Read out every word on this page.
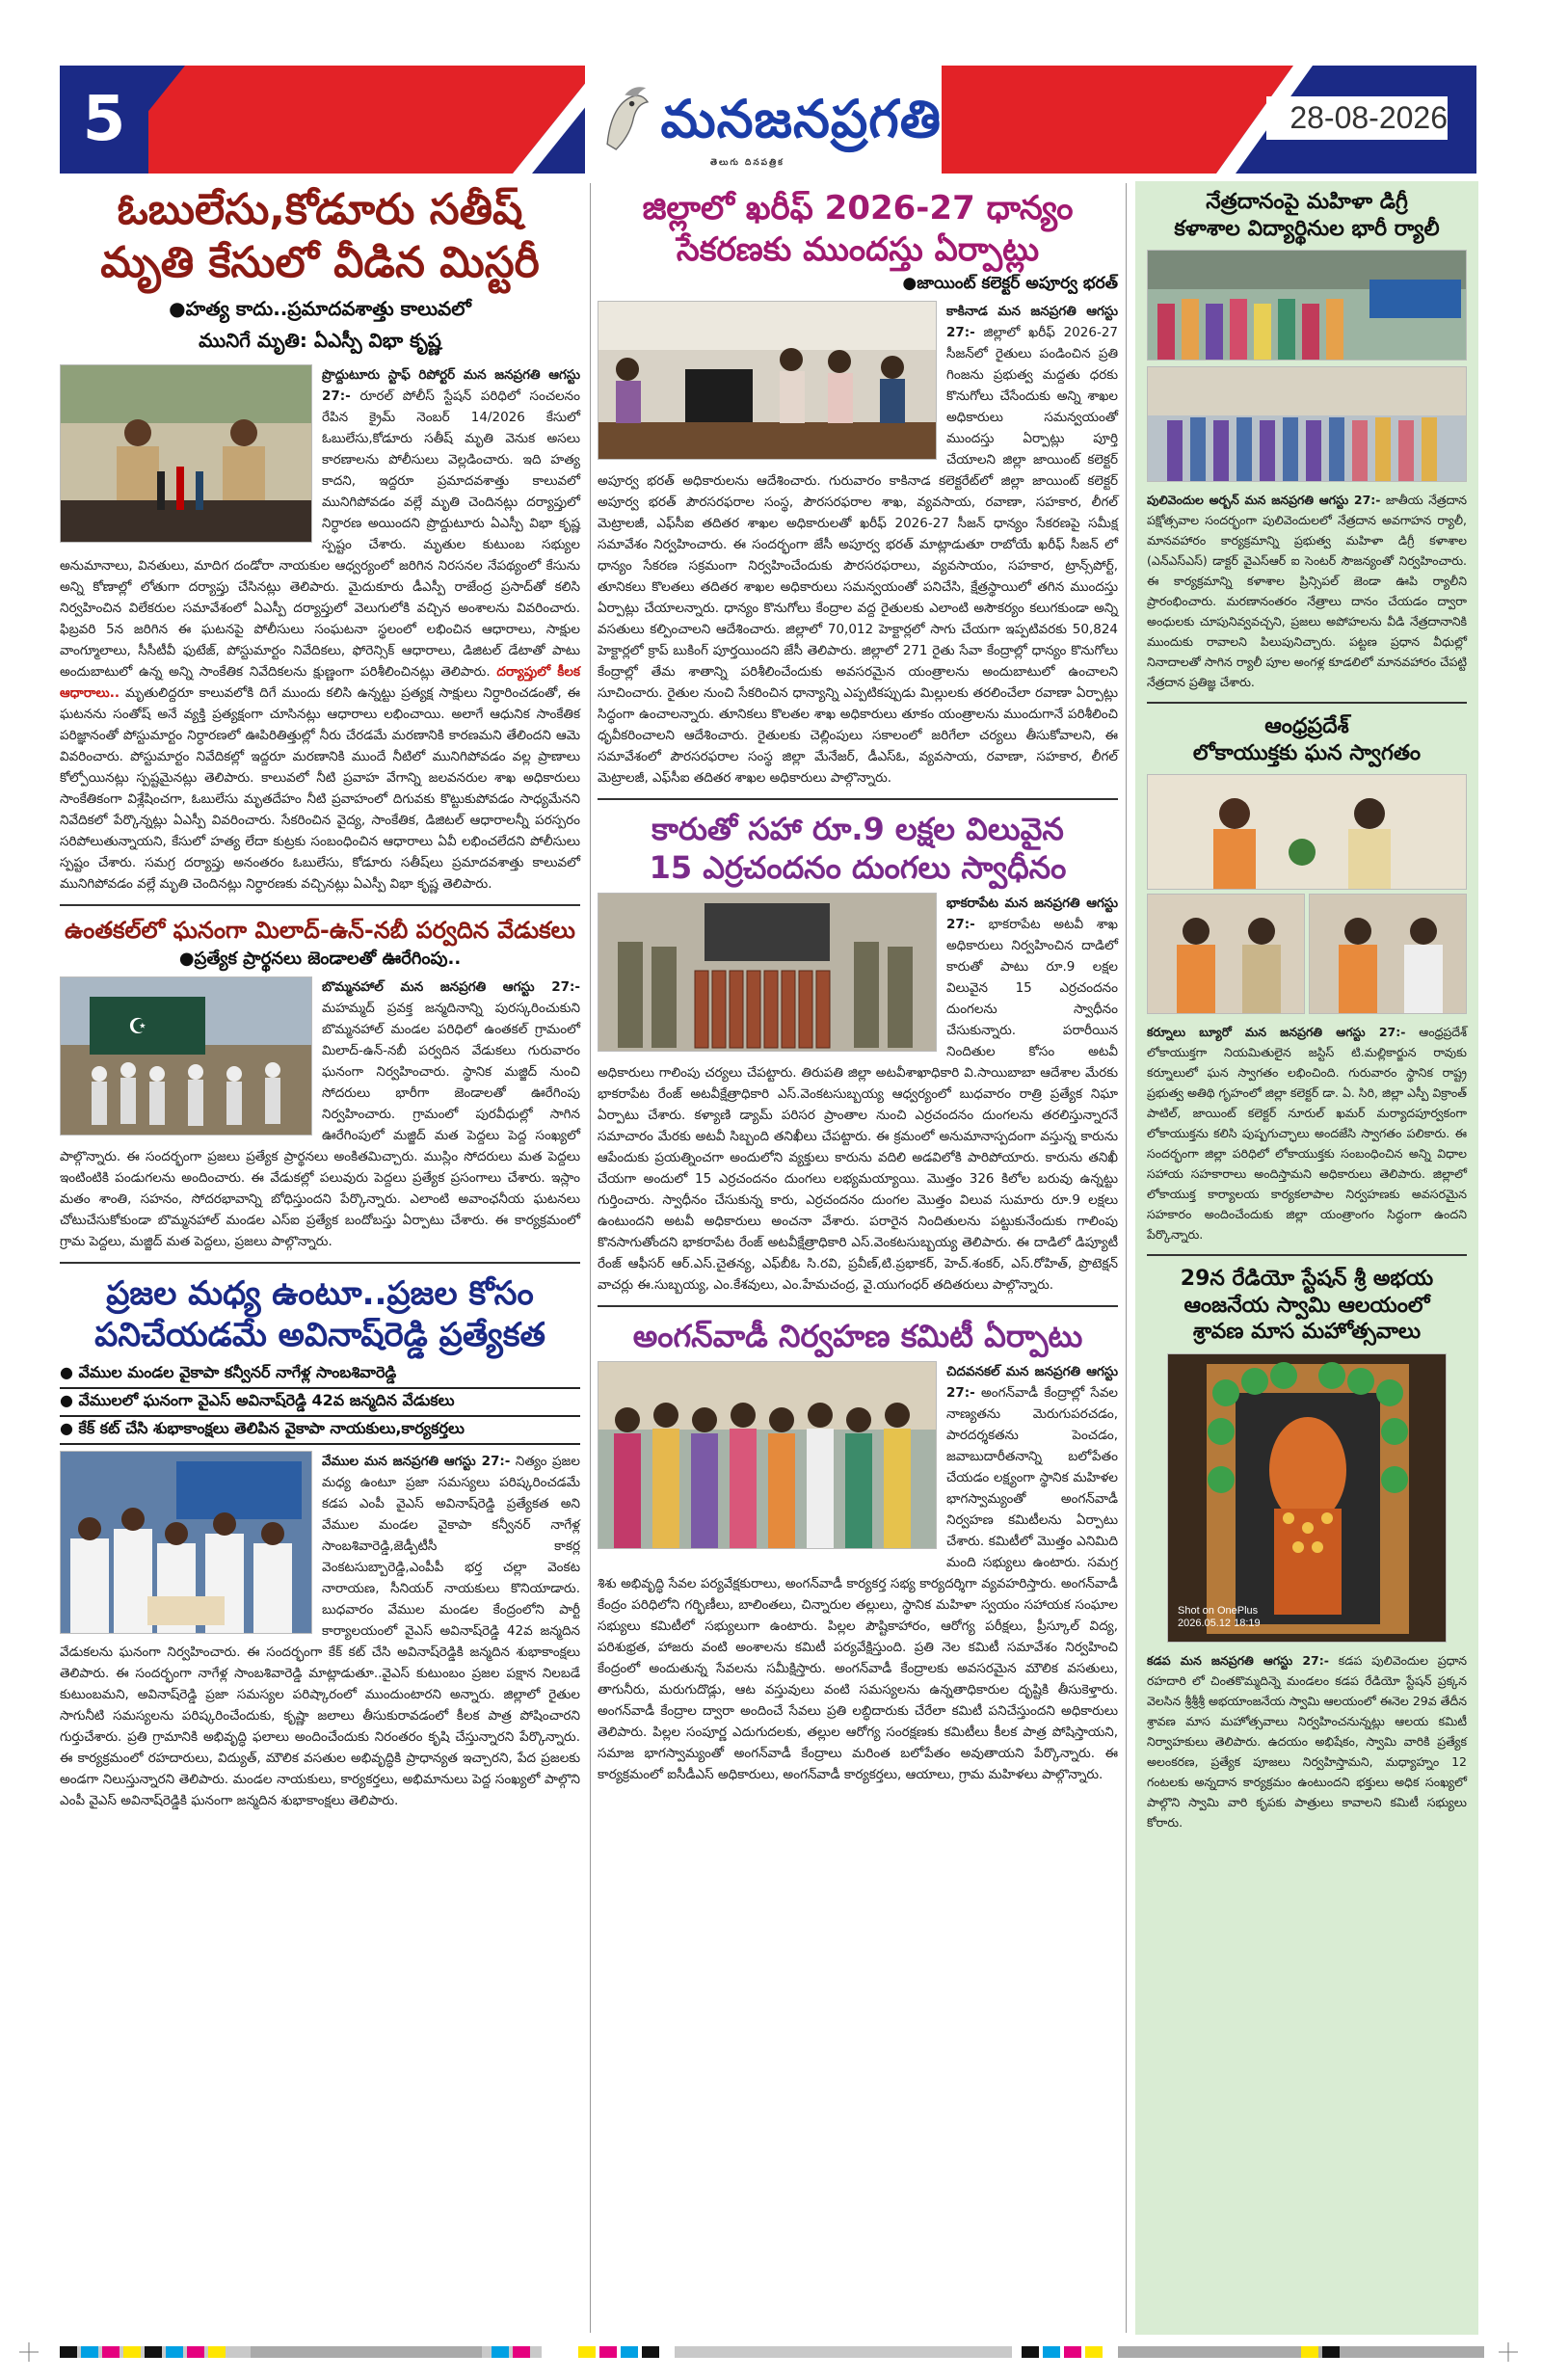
5	మనజనప్రగతి
తెలుగు దినపత్రిక
28-08-2026
ఓబులేసు,కోడూరు సతీష్
మృతి కేసులో వీడిన మిస్టరీ
●హత్య కాదు..ప్రమాదవశాత్తు కాలువలో
మునిగే మృతి: ఏఎస్పీ విభా కృష్ణ
ప్రొద్దుటూరు స్టాఫ్ రిపోర్టర్ మన జనప్రగతి ఆగస్టు 27:- రూరల్ పోలీస్ స్టేషన్ పరిధిలో సంచలనం రేపిన క్రైమ్ నెంబర్ 14/2026 కేసులో ఓబులేసు,కోడూరు సతీష్ మృతి వెనుక అసలు కారణాలను పోలీసులు వెల్లడించారు. ఇది హత్య కాదని, ఇద్దరూ ప్రమాదవశాత్తు కాలువలో మునిగిపోవడం వల్లే మృతి చెందినట్లు దర్యాప్తులో నిర్ధారణ అయిందని ప్రొద్దుటూరు ఏఎస్పీ విభా కృష్ణ స్పష్టం చేశారు. మృతుల కుటుంబ సభ్యుల అనుమానాలు, వినతులు, మాదిగ దండోరా నాయకుల ఆధ్వర్యంలో జరిగిన నిరసనల నేపథ్యంలో కేసును అన్ని కోణాల్లో లోతుగా దర్యాప్తు చేసినట్లు తెలిపారు. మైదుకూరు డీఎస్పీ రాజేంద్ర ప్రసాద్‌తో కలిసి నిర్వహించిన విలేకరుల సమావేశంలో ఏఎస్పీ దర్యాప్తులో వెలుగులోకి వచ్చిన అంశాలను వివరించారు. ఫిబ్రవరి 5న జరిగిన ఈ ఘటనపై పోలీసులు సంఘటనా స్థలంలో లభించిన ఆధారాలు, సాక్షుల వాంగ్మూలాలు, సీసీటీవీ ఫుటేజ్, పోస్టుమార్టం నివేదికలు, ఫోరెన్సిక్ ఆధారాలు, డిజిటల్ డేటాతో పాటు అందుబాటులో ఉన్న అన్ని సాంకేతిక నివేదికలను క్షుణ్ణంగా పరిశీలించినట్లు తెలిపారు. దర్యాప్తులో కీలక ఆధారాలు.. మృతులిద్దరూ కాలువలోకి దిగే ముందు కలిసి ఉన్నట్టు ప్రత్యక్ష సాక్షులు నిర్ధారించడంతో, ఈ ఘటనను సంతోష్ అనే వ్యక్తి ప్రత్యక్షంగా చూసినట్లు ఆధారాలు లభించాయి. అలాగే ఆధునిక సాంకేతిక పరిజ్ఞానంతో పోస్టుమార్టం నిర్ధారణలో ఊపిరితిత్తుల్లో నీరు చేరడమే మరణానికి కారణమని తేలిందని ఆమె వివరించారు. పోస్టుమార్టం నివేదికల్లో ఇద్దరూ మరణానికి ముందే నీటిలో మునిగిపోవడం వల్ల ప్రాణాలు కోల్పోయినట్లు స్పష్టమైనట్లు తెలిపారు. కాలువలో నీటి ప్రవాహ వేగాన్ని జలవనరుల శాఖ అధికారులు సాంకేతికంగా విశ్లేషించగా, ఓబులేసు మృతదేహం నీటి ప్రవాహంలో దిగువకు కొట్టుకుపోవడం సాధ్యమేనని నివేదికలో పేర్కొన్నట్లు ఏఎస్పీ వివరించారు. సేకరించిన వైద్య, సాంకేతిక, డిజిటల్ ఆధారాలన్నీ పరస్పరం సరిపోలుతున్నాయని, కేసులో హత్య లేదా కుట్రకు సంబంధించిన ఆధారాలు ఏవీ లభించలేదని పోలీసులు స్పష్టం చేశారు. సమగ్ర దర్యాప్తు అనంతరం ఓబులేసు, కోడూరు సతీష్‌లు ప్రమాదవశాత్తు కాలువలో మునిగిపోవడం వల్లే మృతి చెందినట్లు నిర్ధారణకు వచ్చినట్లు ఏఎస్పీ విభా కృష్ణ తెలిపారు.
ఉంతకల్‌లో ఘనంగా మిలాద్-ఉన్-నబీ పర్వదిన వేడుకలు
●ప్రత్యేక ప్రార్థనలు జెండాలతో ఊరేగింపు..
☪
బొమ్మనహాల్ మన జనప్రగతి ఆగస్టు 27:- మహమ్మద్ ప్రవక్త జన్మదినాన్ని పురస్కరించుకుని బొమ్మనహాల్ మండల పరిధిలో ఉంతకల్ గ్రామంలో మిలాద్-ఉన్-నబీ పర్వదిన వేడుకలు గురువారం ఘనంగా నిర్వహించారు. స్థానిక మజ్జిద్ నుంచి సోదరులు భారీగా జెండాలతో ఊరేగింపు నిర్వహించారు. గ్రామంలో పురవీధుల్లో సాగిన ఊరేగింపులో మజ్జిద్ మత పెద్దలు పెద్ద సంఖ్యలో పాల్గొన్నారు. ఈ సందర్భంగా ప్రజలు ప్రత్యేక ప్రార్థనలు అంకితమిచ్చారు. ముస్లిం సోదరులు మత పెద్దలు ఇంటింటికి పండుగలను అందించారు. ఈ వేడుకల్లో పలువురు పెద్దలు ప్రత్యేక ప్రసంగాలు చేశారు. ఇస్లాం మతం శాంతి, సహనం, సోదరభావాన్ని బోధిస్తుందని పేర్కొన్నారు. ఎలాంటి అవాంఛనీయ ఘటనలు చోటుచేసుకోకుండా బొమ్మనహాల్ మండల ఎస్ఐ ప్రత్యేక బందోబస్తు ఏర్పాటు చేశారు. ఈ కార్యక్రమంలో గ్రామ పెద్దలు, మజ్జిద్ మత పెద్దలు, ప్రజలు పాల్గొన్నారు.
ప్రజల మధ్య ఉంటూ..ప్రజల కోసం
పనిచేయడమే అవినాష్‌రెడ్డి ప్రత్యేకత
● వేముల మండల వైకాపా కన్వీనర్ నాగేళ్ల సాంబశివారెడ్డి
● వేములలో ఘనంగా వైఎస్ అవినాష్‌రెడ్డి 42వ జన్మదిన వేడుకలు
● కేక్ కట్ చేసి శుభాకాంక్షలు తెలిపిన వైకాపా నాయకులు,కార్యకర్తలు
వేముల మన జనప్రగతి ఆగస్టు 27:- నిత్యం ప్రజల మధ్య ఉంటూ ప్రజా సమస్యలు పరిష్కరించడమే కడప ఎంపీ వైఎస్ అవినాష్‌రెడ్డి ప్రత్యేకత అని వేముల మండల వైకాపా కన్వీనర్ నాగేళ్ల సాంబశివారెడ్డి,జెడ్పీటీసీ కాకర్ల వెంకటసుబ్బారెడ్డి,ఎంపీపీ భర్త చల్లా వెంకట నారాయణ, సీనియర్ నాయకులు కొనియాడారు. బుధవారం వేముల మండల కేంద్రంలోని పార్టీ కార్యాలయంలో వైఎస్ అవినాష్‌రెడ్డి 42వ జన్మదిన వేడుకలను ఘనంగా నిర్వహించారు. ఈ సందర్భంగా కేక్ కట్ చేసి అవినాష్‌రెడ్డికి జన్మదిన శుభాకాంక్షలు తెలిపారు. ఈ సందర్భంగా నాగేళ్ల సాంబశివారెడ్డి మాట్లాడుతూ..వైఎస్ కుటుంబం ప్రజల పక్షాన నిలబడే కుటుంబమని, అవినాష్‌రెడ్డి ప్రజా సమస్యల పరిష్కారంలో ముందుంటారని అన్నారు. జిల్లాలో రైతుల సాగునీటి సమస్యలను పరిష్కరించేందుకు, కృష్ణా జలాలు తీసుకురావడంలో కీలక పాత్ర పోషించారని గుర్తుచేశారు. ప్రతి గ్రామానికి అభివృద్ధి ఫలాలు అందించేందుకు నిరంతరం కృషి చేస్తున్నారని పేర్కొన్నారు. ఈ కార్యక్రమంలో రహదారులు, విద్యుత్, మౌలిక వసతుల అభివృద్ధికి ప్రాధాన్యత ఇచ్చారని, పేద ప్రజలకు అండగా నిలుస్తున్నారని తెలిపారు. మండల నాయకులు, కార్యకర్తలు, అభిమానులు పెద్ద సంఖ్యలో పాల్గొని ఎంపీ వైఎస్ అవినాష్‌రెడ్డికి ఘనంగా జన్మదిన శుభాకాంక్షలు తెలిపారు.
జిల్లాలో ఖరీఫ్ 2026-27 ధాన్యం
సేకరణకు ముందస్తు ఏర్పాట్లు
●జాయింట్ కలెక్టర్ అపూర్వ భరత్
కాకినాడ మన జనప్రగతి ఆగస్టు 27:- జిల్లాలో ఖరీఫ్ 2026-27 సీజన్‌లో రైతులు పండించిన ప్రతి గింజను ప్రభుత్వ మద్దతు ధరకు కొనుగోలు చేసేందుకు అన్ని శాఖల అధికారులు సమన్వయంతో ముందస్తు ఏర్పాట్లు పూర్తి చేయాలని జిల్లా జాయింట్ కలెక్టర్ అపూర్వ భరత్ అధికారులను ఆదేశించారు. గురువారం కాకినాడ కలెక్టరేట్‌లో జిల్లా జాయింట్ కలెక్టర్ అపూర్వ భరత్ పౌరసరఫరాల సంస్థ, పౌరసరఫరాల శాఖ, వ్యవసాయ, రవాణా, సహకార, లీగల్ మెట్రాలజీ, ఎఫ్‌సీఐ తదితర శాఖల అధికారులతో ఖరీఫ్ 2026-27 సీజన్ ధాన్యం సేకరణపై సమీక్ష సమావేశం నిర్వహించారు. ఈ సందర్భంగా జేసీ అపూర్వ భరత్ మాట్లాడుతూ రాబోయే ఖరీఫ్ సీజన్ లో ధాన్యం సేకరణ సక్రమంగా నిర్వహించేందుకు పౌరసరఫరాలు, వ్యవసాయం, సహకార, ట్రాన్స్‌పోర్ట్, తూనికలు కొలతలు తదితర శాఖల అధికారులు సమన్వయంతో పనిచేసి, క్షేత్రస్థాయిలో తగిన ముందస్తు ఏర్పాట్లు చేయాలన్నారు. ధాన్యం కొనుగోలు కేంద్రాల వద్ద రైతులకు ఎలాంటి అసౌకర్యం కలుగకుండా అన్ని వసతులు కల్పించాలని ఆదేశించారు. జిల్లాలో 70,012 హెక్టార్లలో సాగు చేయగా ఇప్పటివరకు 50,824 హెక్టార్లలో క్రాప్ బుకింగ్ పూర్తయిందని జేసీ తెలిపారు. జిల్లాలో 271 రైతు సేవా కేంద్రాల్లో ధాన్యం కొనుగోలు కేంద్రాల్లో తేమ శాతాన్ని పరిశీలించేందుకు అవసరమైన యంత్రాలను అందుబాటులో ఉంచాలని సూచించారు. రైతుల నుంచి సేకరించిన ధాన్యాన్ని ఎప్పటికప్పుడు మిల్లులకు తరలించేలా రవాణా ఏర్పాట్లు సిద్ధంగా ఉంచాలన్నారు. తూనికలు కొలతల శాఖ అధికారులు తూకం యంత్రాలను ముందుగానే పరిశీలించి ధృవీకరించాలని ఆదేశించారు. రైతులకు చెల్లింపులు సకాలంలో జరిగేలా చర్యలు తీసుకోవాలని, ఈ సమావేశంలో పౌరసరఫరాల సంస్థ జిల్లా మేనేజర్, డీఎస్‌ఓ, వ్యవసాయ, రవాణా, సహకార, లీగల్ మెట్రాలజీ, ఎఫ్‌సీఐ తదితర శాఖల అధికారులు పాల్గొన్నారు.
కారుతో సహా రూ.9 లక్షల విలువైన
15 ఎర్రచందనం దుంగలు స్వాధీనం
భాకరాపేట మన జనప్రగతి ఆగస్టు 27:- భాకరాపేట అటవీ శాఖ అధికారులు నిర్వహించిన దాడిలో కారుతో పాటు రూ.9 లక్షల విలువైన 15 ఎర్రచందనం దుంగలను స్వాధీనం చేసుకున్నారు. పరారీయిన నిందితుల కోసం అటవీ అధికారులు గాలింపు చర్యలు చేపట్టారు. తిరుపతి జిల్లా అటవీశాఖాధికారి వి.సాయిబాబా ఆదేశాల మేరకు భాకరాపేట రేంజ్ అటవీక్షేత్రాధికారి ఎస్.వెంకటసుబ్బయ్య ఆధ్వర్యంలో బుధవారం రాత్రి ప్రత్యేక నిఘా ఏర్పాటు చేశారు. కళ్యాణి డ్యామ్ పరిసర ప్రాంతాల నుంచి ఎర్రచందనం దుంగలను తరలిస్తున్నారనే సమాచారం మేరకు అటవీ సిబ్బంది తనిఖీలు చేపట్టారు. ఈ క్రమంలో అనుమానాస్పదంగా వస్తున్న కారును ఆపేందుకు ప్రయత్నించగా అందులోని వ్యక్తులు కారును వదిలి అడవిలోకి పారిపోయారు. కారును తనిఖీ చేయగా అందులో 15 ఎర్రచందనం దుంగలు లభ్యమయ్యాయి. మొత్తం 326 కిలోల బరువు ఉన్నట్టు గుర్తించారు. స్వాధీనం చేసుకున్న కారు, ఎర్రచందనం దుంగల మొత్తం విలువ సుమారు రూ.9 లక్షలు ఉంటుందని అటవీ అధికారులు అంచనా వేశారు. పరారైన నిందితులను పట్టుకునేందుకు గాలింపు కొనసాగుతోందని భాకరాపేట రేంజ్ అటవీక్షేత్రాధికారి ఎస్.వెంకటసుబ్బయ్య తెలిపారు. ఈ దాడిలో డిప్యూటీ రేంజ్ ఆఫీసర్ ఆర్.ఎస్.చైతన్య, ఎఫ్‌బీఓ సి.రవి, ప్రవీణ్,టి.ప్రభాకర్, హెచ్.శంకర్, ఎస్.రోహిత్, ప్రొటెక్షన్ వాచర్లు ఈ.సుబ్బయ్య, ఎం.కేశవులు, ఎం.హేమచంద్ర, వై.యుగంధర్ తదితరులు పాల్గొన్నారు.
అంగన్‌వాడీ నిర్వహణ కమిటీ ఏర్పాటు
చిదవనకల్ మన జనప్రగతి ఆగస్టు 27:- అంగన్‌వాడీ కేంద్రాల్లో సేవల నాణ్యతను మెరుగుపరచడం, పారదర్శకతను పెంచడం, జవాబుదారీతనాన్ని బలోపేతం చేయడం లక్ష్యంగా స్థానిక మహిళల భాగస్వామ్యంతో అంగన్‌వాడీ నిర్వహణ కమిటీలను ఏర్పాటు చేశారు. కమిటీలో మొత్తం ఎనిమిది మంది సభ్యులు ఉంటారు. సమగ్ర శిశు అభివృద్ధి సేవల పర్యవేక్షకురాలు, అంగన్‌వాడీ కార్యకర్త సభ్య కార్యదర్శిగా వ్యవహరిస్తారు. అంగన్‌వాడీ కేంద్రం పరిధిలోని గర్భిణీలు, బాలింతలు, చిన్నారుల తల్లులు, స్థానిక మహిళా స్వయం సహాయక సంఘాల సభ్యులు కమిటీలో సభ్యులుగా ఉంటారు. పిల్లల పౌష్టికాహారం, ఆరోగ్య పరీక్షలు, ప్రీస్కూల్ విద్య, పరిశుభ్రత, హాజరు వంటి అంశాలను కమిటీ పర్యవేక్షిస్తుంది. ప్రతి నెల కమిటీ సమావేశం నిర్వహించి కేంద్రంలో అందుతున్న సేవలను సమీక్షిస్తారు. అంగన్‌వాడీ కేంద్రాలకు అవసరమైన మౌలిక వసతులు, తాగునీరు, మరుగుదొడ్లు, ఆట వస్తువులు వంటి సమస్యలను ఉన్నతాధికారుల దృష్టికి తీసుకెళ్తారు. అంగన్‌వాడీ కేంద్రాల ద్వారా అందించే సేవలు ప్రతి లబ్ధిదారుకు చేరేలా కమిటీ పనిచేస్తుందని అధికారులు తెలిపారు. పిల్లల సంపూర్ణ ఎదుగుదలకు, తల్లుల ఆరోగ్య సంరక్షణకు కమిటీలు కీలక పాత్ర పోషిస్తాయని, సమాజ భాగస్వామ్యంతో అంగన్‌వాడీ కేంద్రాలు మరింత బలోపేతం అవుతాయని పేర్కొన్నారు. ఈ కార్యక్రమంలో ఐసీడీఎస్ అధికారులు, అంగన్‌వాడీ కార్యకర్తలు, ఆయాలు, గ్రామ మహిళలు పాల్గొన్నారు.
నేత్రదానంపై మహిళా డిగ్రీ
కళాశాల విద్యార్థినుల భారీ ర్యాలీ
పులివెందుల అర్బన్ మన జనప్రగతి ఆగస్టు 27:- జాతీయ నేత్రదాన పక్షోత్సవాల సందర్భంగా పులివెందులలో నేత్రదాన అవగాహన ర్యాలీ, మానవహారం కార్యక్రమాన్ని ప్రభుత్వ మహిళా డిగ్రీ కళాశాల (ఎన్ఎస్ఎస్) డాక్టర్ వైఎస్ఆర్ ఐ సెంటర్ సౌజన్యంతో నిర్వహించారు. ఈ కార్యక్రమాన్ని కళాశాల ప్రిన్సిపల్ జెండా ఊపి ర్యాలీని ప్రారంభించారు. మరణానంతరం నేత్రాలు దానం చేయడం ద్వారా అంధులకు చూపునివ్వవచ్చని, ప్రజలు అపోహలను వీడి నేత్రదానానికి ముందుకు రావాలని పిలుపునిచ్చారు. పట్టణ ప్రధాన వీధుల్లో నినాదాలతో సాగిన ర్యాలీ పూల అంగళ్ల కూడలిలో మానవహారం చేపట్టి నేత్రదాన ప్రతిజ్ఞ చేశారు.
ఆంధ్రప్రదేశ్
లోకాయుక్తకు ఘన స్వాగతం
కర్నూలు బ్యూరో మన జనప్రగతి ఆగస్టు 27:- ఆంధ్రప్రదేశ్ లోకాయుక్తగా నియమితులైన జస్టిస్ టి.మల్లికార్జున రావుకు కర్నూలులో ఘన స్వాగతం లభించింది. గురువారం స్థానిక రాష్ట్ర ప్రభుత్వ అతిథి గృహంలో జిల్లా కలెక్టర్ డా. ఏ. సిరి, జిల్లా ఎస్పీ విక్రాంత్ పాటిల్, జాయింట్ కలెక్టర్ నూరుల్ ఖమర్ మర్యాదపూర్వకంగా లోకాయుక్తను కలిసి పుష్పగుచ్ఛాలు అందజేసి స్వాగతం పలికారు. ఈ సందర్భంగా జిల్లా పరిధిలో లోకాయుక్తకు సంబంధించిన అన్ని విధాల సహాయ సహకారాలు అందిస్తామని అధికారులు తెలిపారు. జిల్లాలో లోకాయుక్త కార్యాలయ కార్యకలాపాల నిర్వహణకు అవసరమైన సహకారం అందించేందుకు జిల్లా యంత్రాంగం సిద్ధంగా ఉందని పేర్కొన్నారు.
29న రేడియో స్టేషన్ శ్రీ అభయ
ఆంజనేయ స్వామి ఆలయంలో
శ్రావణ మాస మహోత్సవాలు
Shot on OnePlus
2026.05.12 18:19
కడప మన జనప్రగతి ఆగస్టు 27:- కడప పులివెందుల ప్రధాన రహదారి లో చింతకొమ్మదిన్నె మండలం కడప రేడియో స్టేషన్ ప్రక్కన వెలసిన శ్రీశ్రీశ్రీ అభయాంజనేయ స్వామి ఆలయంలో ఈనెల 29వ తేదీన శ్రావణ మాస మహోత్సవాలు నిర్వహించనున్నట్లు ఆలయ కమిటీ నిర్వాహకులు తెలిపారు. ఉదయం అభిషేకం, స్వామి వారికి ప్రత్యేక అలంకరణ, ప్రత్యేక పూజలు నిర్వహిస్తామని, మధ్యాహ్నం 12 గంటలకు అన్నదాన కార్యక్రమం ఉంటుందని భక్తులు అధిక సంఖ్యలో పాల్గొని స్వామి వారి కృపకు పాత్రులు కావాలని కమిటీ సభ్యులు కోరారు.
